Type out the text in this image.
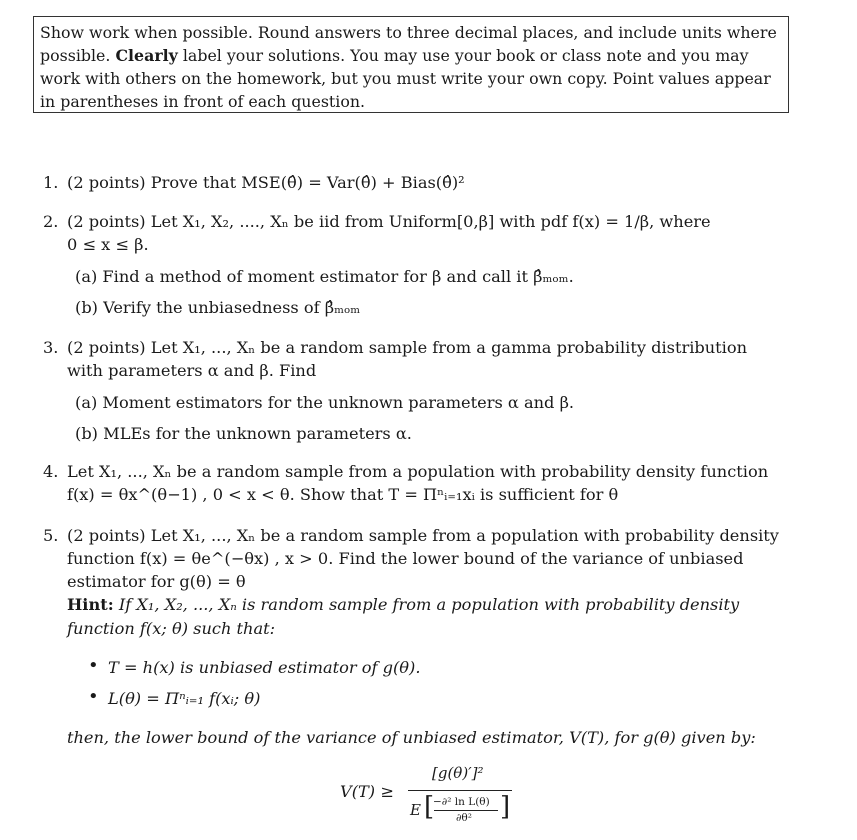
Show work when possible. Round answers to three decimal places, and include units where possible. Clearly label your solutions. You may use your book or class note and you may work with others on the homework, but you must write your own copy. Point values appear in parentheses in front of each question.

1. (2 points) Prove that MSE(θ̂) = Var(θ̂) + Bias(θ̂)²
2. (2 points) Let X₁, X₂, ...., Xₙ be iid from Uniform[0,β] with pdf f(x) = 1/β, where
0 ≤ x ≤ β.
(a) Find a method of moment estimator for β and call it β̂ₘₒₘ.
(b) Verify the unbiasedness of β̂ₘₒₘ
3. (2 points) Let X₁, ..., Xₙ be a random sample from a gamma probability distribution
with parameters α and β. Find
(a) Moment estimators for the unknown parameters α and β.
(b) MLEs for the unknown parameters α.
4. Let X₁, ..., Xₙ be a random sample from a population with probability density function
f(x) = θx^(θ−1) , 0 < x < θ. Show that T = Πⁿᵢ₌₁xᵢ is sufficient for θ
5. (2 points) Let X₁, ..., Xₙ be a random sample from a population with probability density
function f(x) = θe^(−θx) , x > 0. Find the lower bound of the variance of unbiased
estimator for g(θ) = θ
Hint: If X₁, X₂, ..., Xₙ is random sample from a population with probability density
function f(x; θ) such that:
• T = h(x) is unbiased estimator of g(θ).
• L(θ) = Πⁿᵢ₌₁ f(xᵢ; θ)
then, the lower bound of the variance of unbiased estimator, V(T), for g(θ) given by:
V(T) ≥
[g(θ)′]²
E [	]
−∂² ln L(θ)
∂θ²
